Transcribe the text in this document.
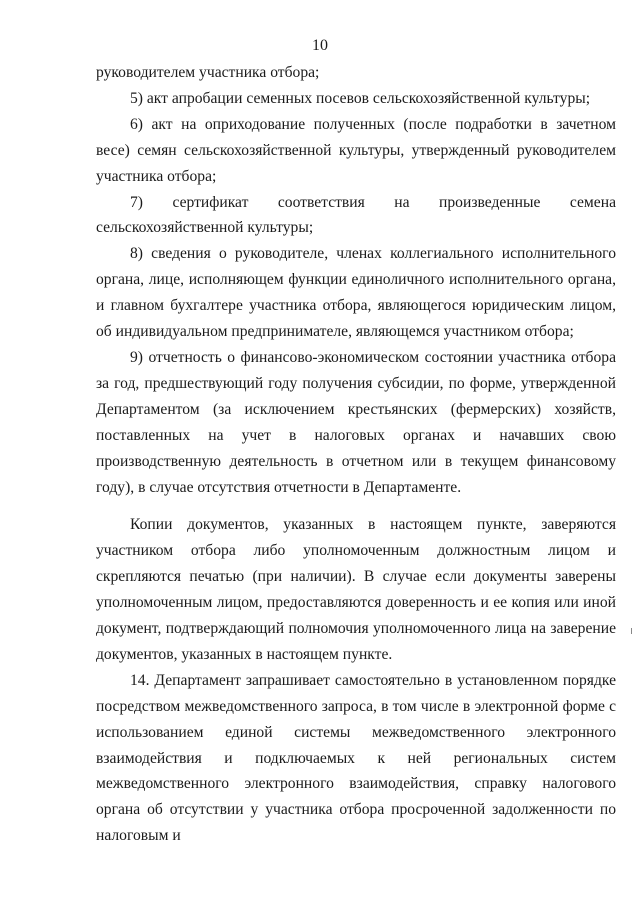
10

руководителем участника отбора;

5) акт апробации семенных посевов сельскохозяйственной культуры;

6) акт на оприходование полученных (после подработки в зачетном весе) семян сельскохозяйственной культуры, утвержденный руководителем участника отбора;

7) сертификат соответствия на произведенные семена сельскохозяйственной культуры;

8) сведения о руководителе, членах коллегиального исполнительного органа, лице, исполняющем функции единоличного исполнительного органа, и главном бухгалтере участника отбора, являющегося юридическим лицом, об индивидуальном предпринимателе, являющемся участником отбора;

9) отчетность о финансово-экономическом состоянии участника отбора за год, предшествующий году получения субсидии, по форме, утвержденной Департаментом (за исключением крестьянских (фермерских) хозяйств, поставленных на учет в налоговых органах и начавших свою производственную деятельность в отчетном или в текущем финансовому году), в случае отсутствия отчетности в Департаменте.

Копии документов, указанных в настоящем пункте, заверяются участником отбора либо уполномоченным должностным лицом и скрепляются печатью (при наличии). В случае если документы заверены уполномоченным лицом, предоставляются доверенность и ее копия или иной документ, подтверждающий полномочия уполномоченного лица на заверение документов, указанных в настоящем пункте.

14. Департамент запрашивает самостоятельно в установленном порядке посредством межведомственного запроса, в том числе в электронной форме с использованием единой системы межведомственного электронного взаимодействия и подключаемых к ней региональных систем межведомственного электронного взаимодействия, справку налогового органа об отсутствии у участника отбора просроченной задолженности по налоговым и
